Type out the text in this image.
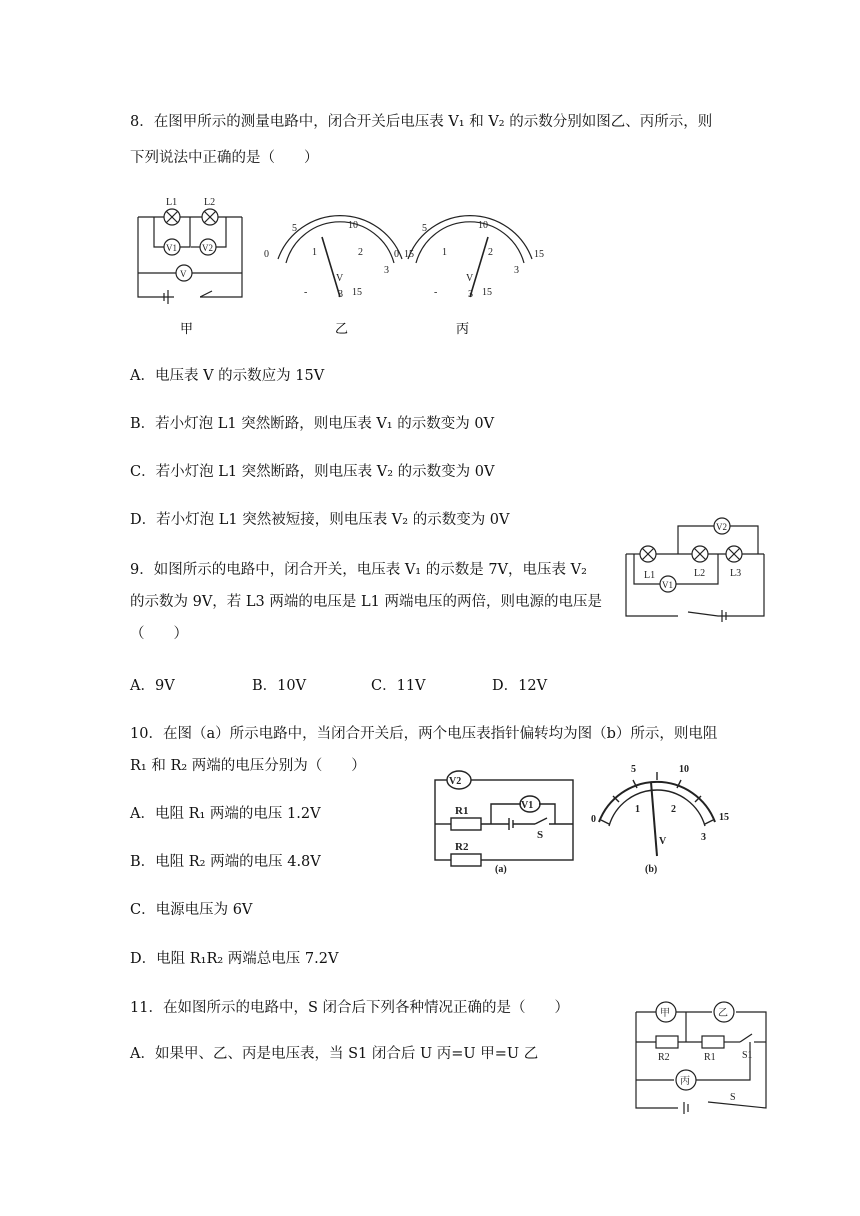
8．在图甲所示的测量电路中，闭合开关后电压表 V₁ 和 V₂ 的示数分别如图乙、丙所示，则
下列说法中正确的是（　　）
L1	L2
V1	V2
V
甲
5	10
15
0	1	2
3
V
-	3 15
乙
5	10
15
0	1	2
3
V
-	3 15
丙
A．电压表 V 的示数应为 15V
B．若小灯泡 L1 突然断路，则电压表 V₁ 的示数变为 0V
C．若小灯泡 L1 突然断路，则电压表 V₂ 的示数变为 0V
D．若小灯泡 L1 突然被短接，则电压表 V₂ 的示数变为 0V	V2
V1
L1	L2 L3
9．如图所示的电路中，闭合开关，电压表 V₁ 的示数是 7V，电压表 V₂
的示数为 9V，若 L3 两端的电压是 L1 两端电压的两倍，则电源的电压是
（　　）
A．9V	B．10V	C．11V	D．12V
10．在图（a）所示电路中，当闭合开关后，两个电压表指针偏转均为图（b）所示，则电阻
R₁ 和 R₂ 两端的电压分别为（　　）
V2
V1
R1
R2
S
(a)
5	10
15
0
1	2
3
V
(b)
A．电阻 R₁ 两端的电压 1.2V
B．电阻 R₂ 两端的电压 4.8V
C．电源电压为 6V
D．电阻 R₁R₂ 两端总电压 7.2V
11．在如图所示的电路中，S 闭合后下列各种情况正确的是（　　）
A．如果甲、乙、丙是电压表，当 S1 闭合后 U 丙=U 甲=U 乙
甲	乙
丙
R2	R1	S1
S
